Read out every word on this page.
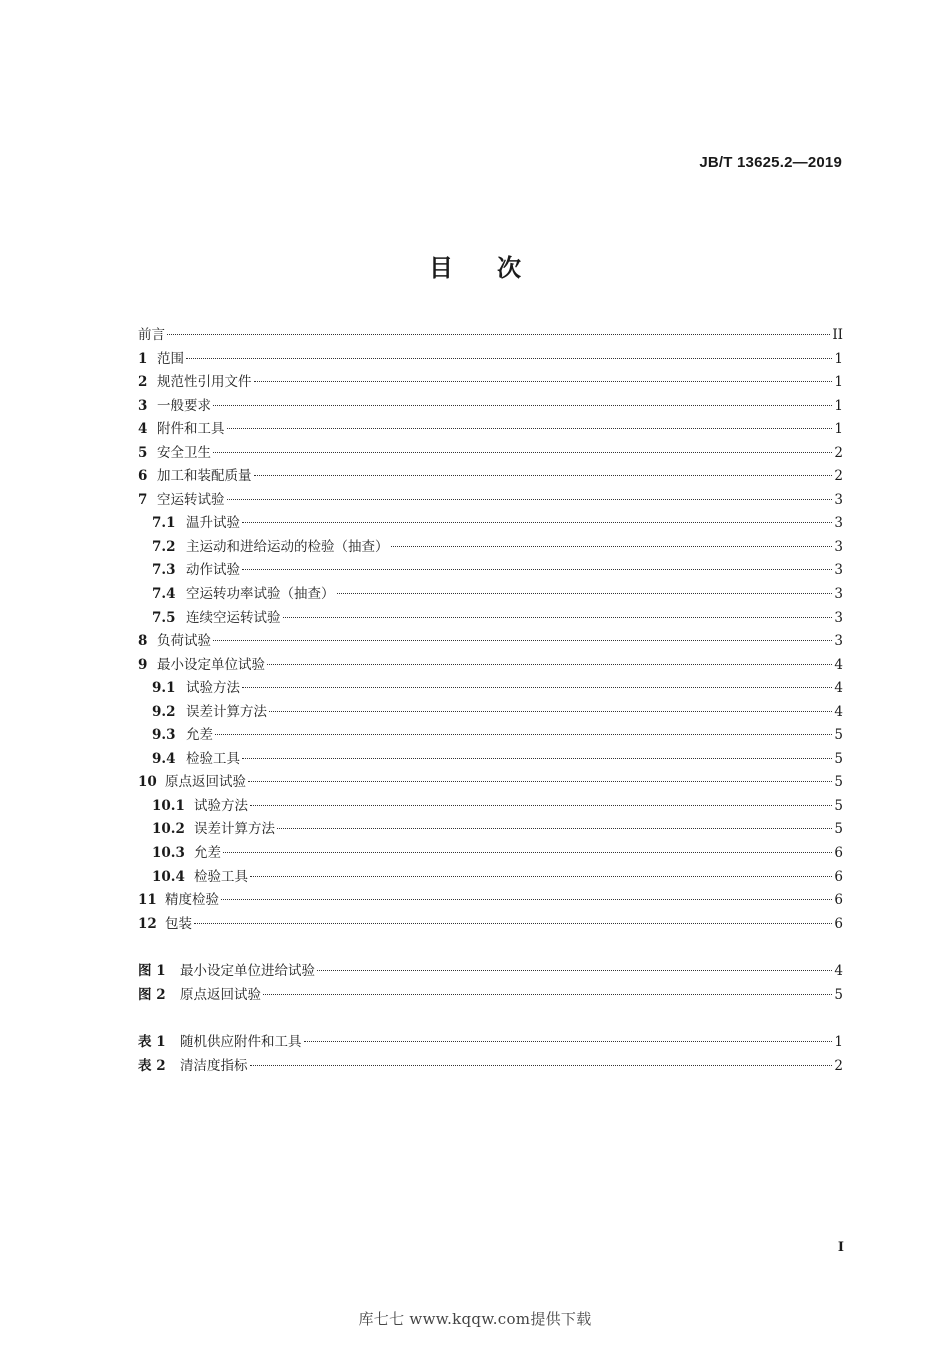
JB/T 13625.2—2019
目次
前言	II
1 范围	1
2 规范性引用文件	1
3 一般要求	1
4 附件和工具	1
5 安全卫生	2
6 加工和装配质量	2
7 空运转试验	3
7.1 温升试验	3
7.2 主运动和进给运动的检验（抽查）	3
7.3 动作试验	3
7.4 空运转功率试验（抽查）	3
7.5 连续空运转试验	3
8 负荷试验	3
9 最小设定单位试验	4
9.1 试验方法	4
9.2 误差计算方法	4
9.3 允差	5
9.4 检验工具	5
10 原点返回试验	5
10.1 试验方法	5
10.2 误差计算方法	5
10.3 允差	6
10.4 检验工具	6
11 精度检验	6
12 包装	6
图 1	最小设定单位进给试验	4
图 2	原点返回试验	5
表 1	随机供应附件和工具	1
表 2	清洁度指标	2
I
库七七 www.kqqw.com提供下载
